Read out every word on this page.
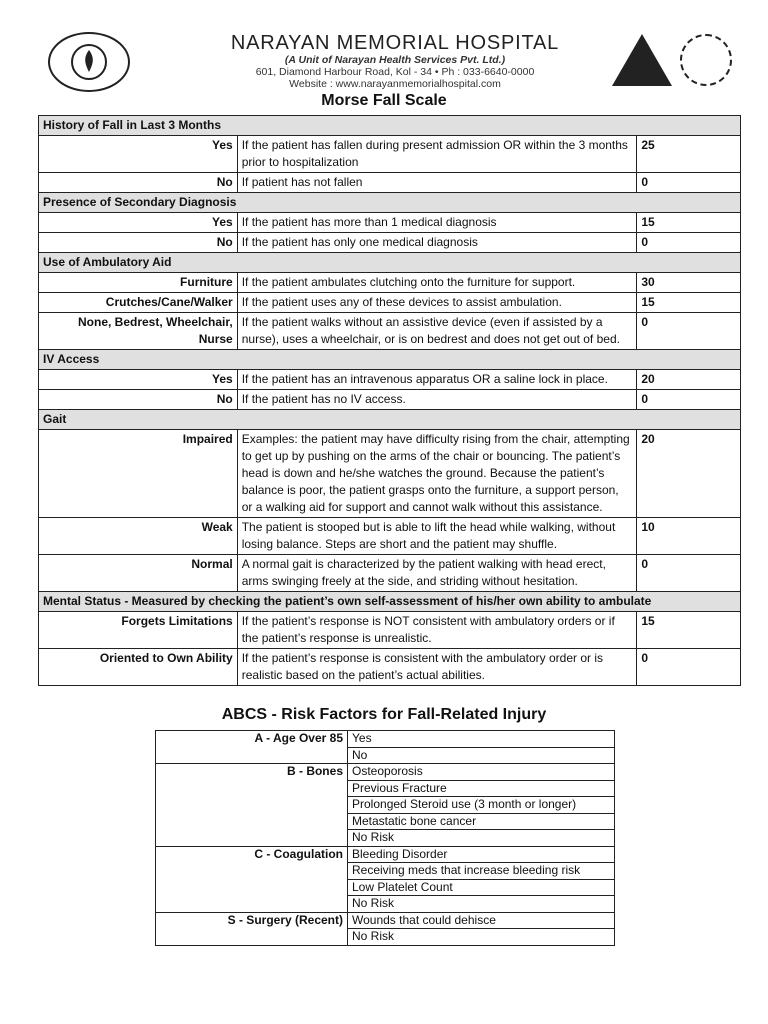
NARAYAN MEMORIAL HOSPITAL
(A Unit of Narayan Health Services Pvt. Ltd.)
601, Diamond Harbour Road, Kol - 34 • Ph : 033-6640-0000
Website : www.narayanmemorialhospital.com
Morse Fall Scale
History of Fall in Last 3 Months		
Yes	If the patient has fallen during present admission OR within the 3 months prior to hospitalization	25
No	If patient has not fallen	0
Presence of Secondary Diagnosis		
Yes	If the patient has more than 1 medical diagnosis	15
No	If the patient has only one medical diagnosis	0
Use of Ambulatory Aid		
Furniture	If the patient ambulates clutching onto the furniture for support.	30
Crutches/Cane/Walker	If the patient uses any of these devices to assist ambulation.	15
None, Bedrest, Wheelchair, Nurse	If the patient walks without an assistive device (even if assisted by a nurse), uses a wheelchair, or is on bedrest and does not get out of bed.	0
IV Access		
Yes	If the patient has an intravenous apparatus OR a saline lock in place.	20
No	If the patient has no IV access.	0
Gait		
Impaired	Examples: the patient may have difficulty rising from the chair, attempting to get up by pushing on the arms of the chair or bouncing. The patient’s head is down and he/she watches the ground. Because the patient’s balance is poor, the patient grasps onto the furniture, a support person, or a walking aid for support and cannot walk without this assistance.	20
Weak	The patient is stooped but is able to lift the head while walking, without losing balance. Steps are short and the patient may shuffle.	10
Normal	A normal gait is characterized by the patient walking with head erect, arms swinging freely at the side, and striding without hesitation.	0
Mental Status - Measured by checking the patient’s own self-assessment of his/her own ability to ambulate		
Forgets Limitations	If the patient’s response is NOT consistent with ambulatory orders or if the patient’s response is unrealistic.	15
Oriented to Own Ability	If the patient’s response is consistent with the ambulatory order or is realistic based on the patient’s actual abilities.	0
ABCS - Risk Factors for Fall-Related Injury
A - Age Over 85	Yes
	No
B - Bones	Osteoporosis
	Previous Fracture
	Prolonged Steroid use (3 month or longer)
	Metastatic bone cancer
	No Risk
C - Coagulation	Bleeding Disorder
	Receiving meds that increase bleeding risk
	Low Platelet Count
	No Risk
S - Surgery (Recent)	Wounds that could dehisce
	No Risk
